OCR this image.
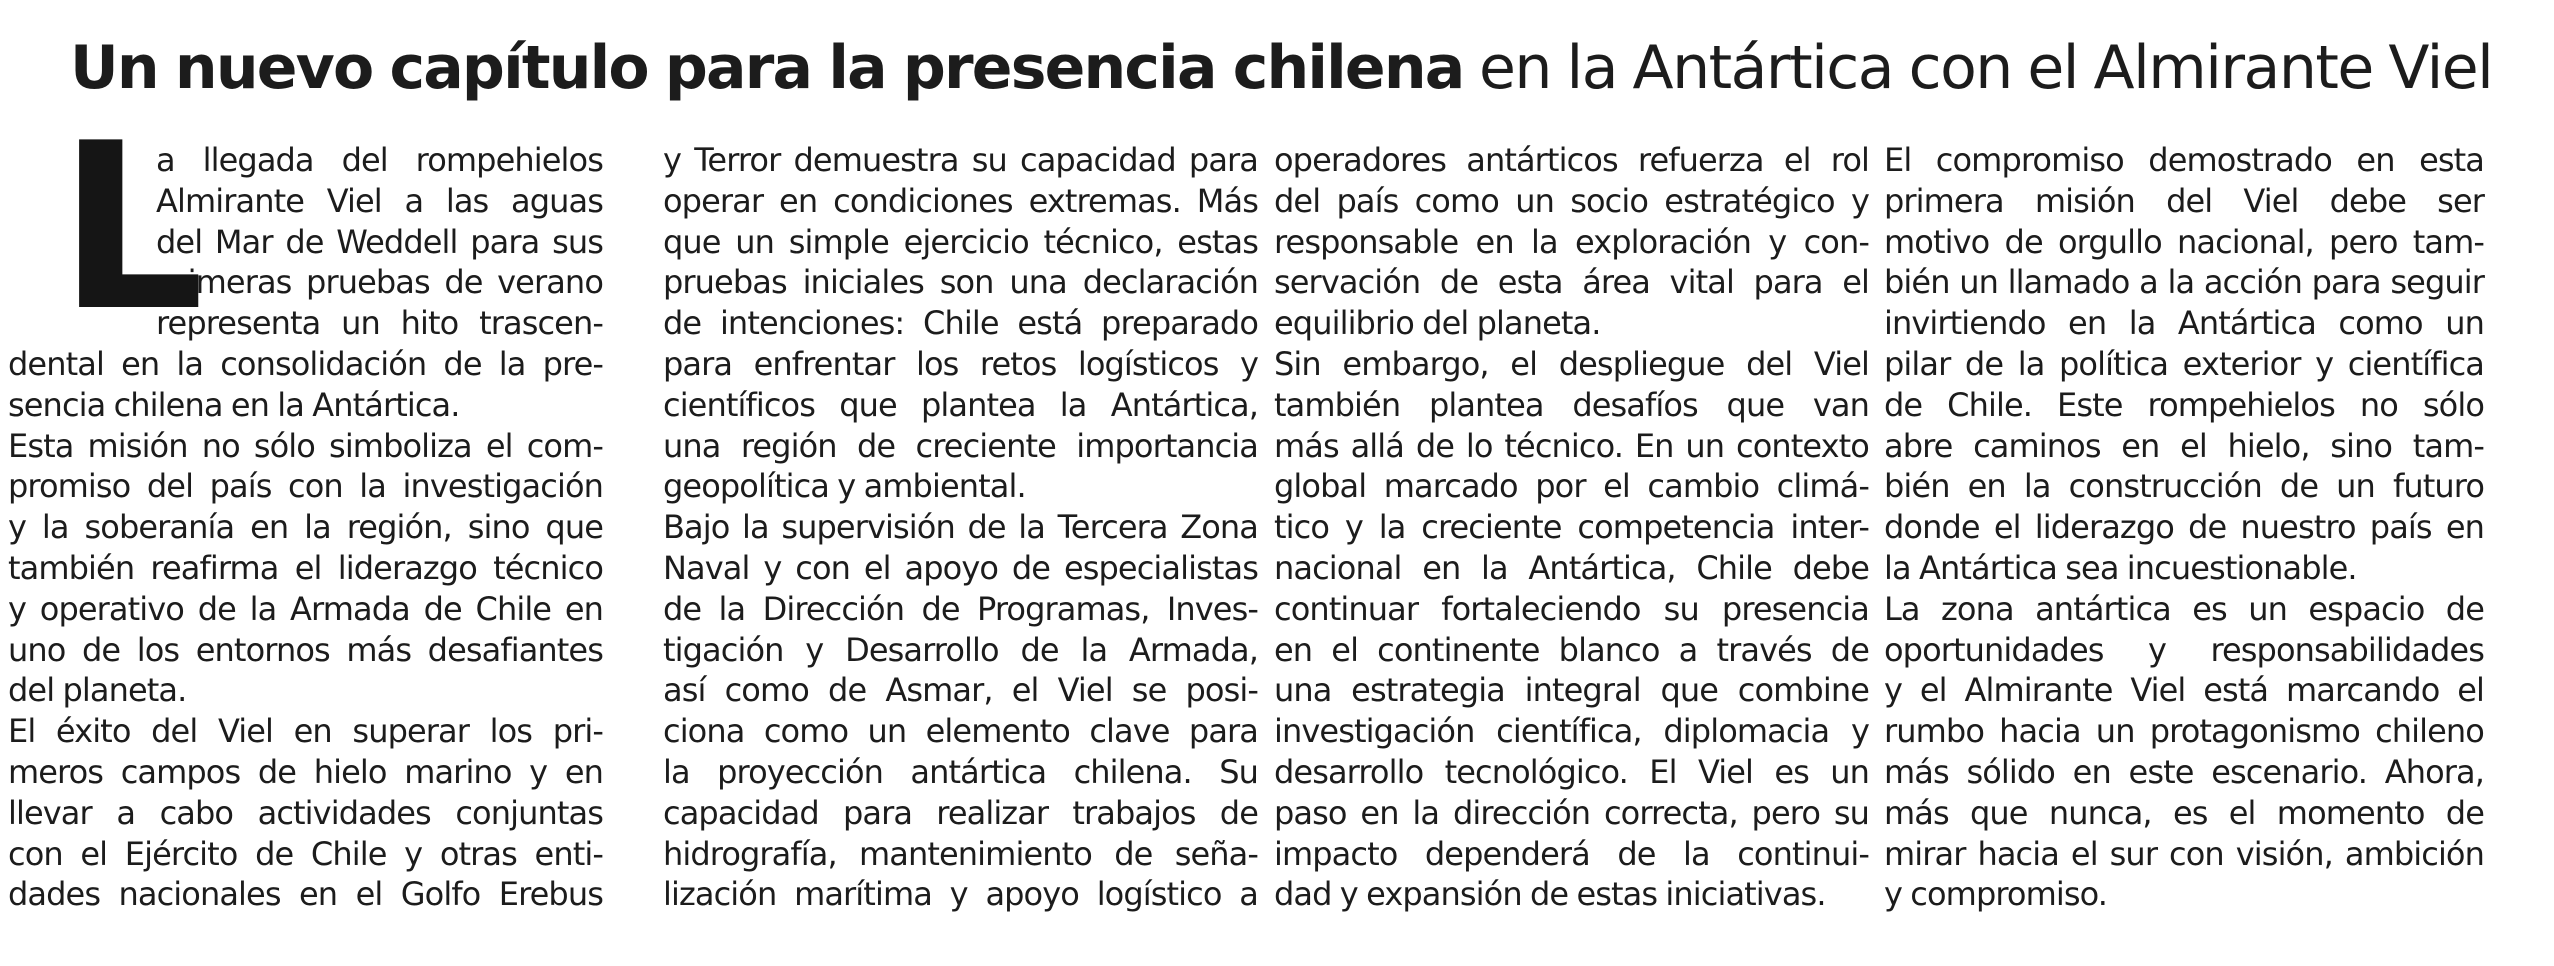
Un nuevo capítulo para la presencia chilena en la Antártica con el Almirante Viel
L
a llegada del rompehielos
Almirante Viel a las aguas
del Mar de Weddell para sus
primeras pruebas de verano
representa un hito trascen-
dental en la consolidación de la pre-
sencia chilena en la Antártica.
Esta misión no sólo simboliza el com-
promiso del país con la investigación
y la soberanía en la región, sino que
también reafirma el liderazgo técnico
y operativo de la Armada de Chile en
uno de los entornos más desafiantes
del planeta.
El éxito del Viel en superar los pri-
meros campos de hielo marino y en
llevar a cabo actividades conjuntas
con el Ejército de Chile y otras enti-
dades nacionales en el Golfo Erebus
y Terror demuestra su capacidad para
operar en condiciones extremas. Más
que un simple ejercicio técnico, estas
pruebas iniciales son una declaración
de intenciones: Chile está preparado
para enfrentar los retos logísticos y
científicos que plantea la Antártica,
una región de creciente importancia
geopolítica y ambiental.
Bajo la supervisión de la Tercera Zona
Naval y con el apoyo de especialistas
de la Dirección de Programas, Inves-
tigación y Desarrollo de la Armada,
así como de Asmar, el Viel se posi-
ciona como un elemento clave para
la proyección antártica chilena. Su
capacidad para realizar trabajos de
hidrografía, mantenimiento de seña-
lización marítima y apoyo logístico a
operadores antárticos refuerza el rol
del país como un socio estratégico y
responsable en la exploración y con-
servación de esta área vital para el
equilibrio del planeta.
Sin embargo, el despliegue del Viel
también plantea desafíos que van
más allá de lo técnico. En un contexto
global marcado por el cambio climá-
tico y la creciente competencia inter-
nacional en la Antártica, Chile debe
continuar fortaleciendo su presencia
en el continente blanco a través de
una estrategia integral que combine
investigación científica, diplomacia y
desarrollo tecnológico. El Viel es un
paso en la dirección correcta, pero su
impacto dependerá de la continui-
dad y expansión de estas iniciativas.
El compromiso demostrado en esta
primera misión del Viel debe ser
motivo de orgullo nacional, pero tam-
bién un llamado a la acción para seguir
invirtiendo en la Antártica como un
pilar de la política exterior y científica
de Chile. Este rompehielos no sólo
abre caminos en el hielo, sino tam-
bién en la construcción de un futuro
donde el liderazgo de nuestro país en
la Antártica sea incuestionable.
La zona antártica es un espacio de
oportunidades y responsabilidades
y el Almirante Viel está marcando el
rumbo hacia un protagonismo chileno
más sólido en este escenario. Ahora,
más que nunca, es el momento de
mirar hacia el sur con visión, ambición
y compromiso.
